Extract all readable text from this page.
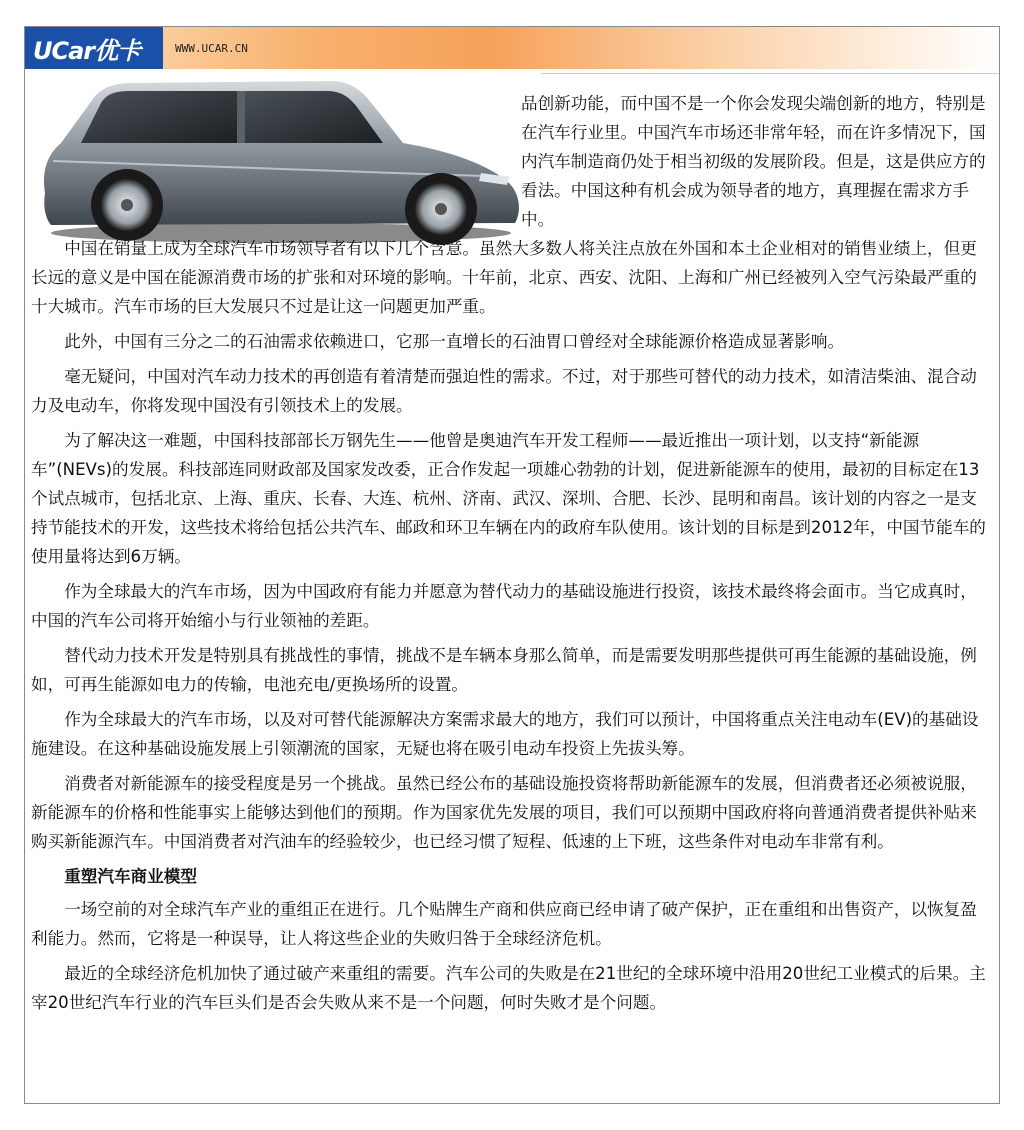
UCar优卡	WWW.UCAR.CN

品创新功能，而中国不是一个你会发现尖端创新的地方，特别是在汽车行业里。中国汽车市场还非常年轻，而在许多情况下，国内汽车制造商仍处于相当初级的发展阶段。但是，这是供应方的看法。中国这种有机会成为领导者的地方，真理握在需求方手中。

中国在销量上成为全球汽车市场领导者有以下几个含意。虽然大多数人将关注点放在外国和本土企业相对的销售业绩上，但更长远的意义是中国在能源消费市场的扩张和对环境的影响。十年前，北京、西安、沈阳、上海和广州已经被列入空气污染最严重的十大城市。汽车市场的巨大发展只不过是让这一问题更加严重。

此外，中国有三分之二的石油需求依赖进口，它那一直增长的石油胃口曾经对全球能源价格造成显著影响。

毫无疑问，中国对汽车动力技术的再创造有着清楚而强迫性的需求。不过，对于那些可替代的动力技术，如清洁柴油、混合动力及电动车，你将发现中国没有引领技术上的发展。

为了解决这一难题，中国科技部部长万钢先生——他曾是奥迪汽车开发工程师——最近推出一项计划，以支持“新能源车”(NEVs)的发展。科技部连同财政部及国家发改委，正合作发起一项雄心勃勃的计划，促进新能源车的使用，最初的目标定在13个试点城市，包括北京、上海、重庆、长春、大连、杭州、济南、武汉、深圳、合肥、长沙、昆明和南昌。该计划的内容之一是支持节能技术的开发，这些技术将给包括公共汽车、邮政和环卫车辆在内的政府车队使用。该计划的目标是到2012年，中国节能车的使用量将达到6万辆。

作为全球最大的汽车市场，因为中国政府有能力并愿意为替代动力的基础设施进行投资，该技术最终将会面市。当它成真时，中国的汽车公司将开始缩小与行业领袖的差距。

替代动力技术开发是特别具有挑战性的事情，挑战不是车辆本身那么简单，而是需要发明那些提供可再生能源的基础设施，例如，可再生能源如电力的传输，电池充电/更换场所的设置。

作为全球最大的汽车市场，以及对可替代能源解决方案需求最大的地方，我们可以预计，中国将重点关注电动车(EV)的基础设施建设。在这种基础设施发展上引领潮流的国家，无疑也将在吸引电动车投资上先拔头筹。

消费者对新能源车的接受程度是另一个挑战。虽然已经公布的基础设施投资将帮助新能源车的发展，但消费者还必须被说服，新能源车的价格和性能事实上能够达到他们的预期。作为国家优先发展的项目，我们可以预期中国政府将向普通消费者提供补贴来购买新能源汽车。中国消费者对汽油车的经验较少，也已经习惯了短程、低速的上下班，这些条件对电动车非常有利。

重塑汽车商业模型

一场空前的对全球汽车产业的重组正在进行。几个贴牌生产商和供应商已经申请了破产保护，正在重组和出售资产，以恢复盈利能力。然而，它将是一种误导，让人将这些企业的失败归咎于全球经济危机。

最近的全球经济危机加快了通过破产来重组的需要。汽车公司的失败是在21世纪的全球环境中沿用20世纪工业模式的后果。主宰20世纪汽车行业的汽车巨头们是否会失败从来不是一个问题，何时失败才是个问题。
